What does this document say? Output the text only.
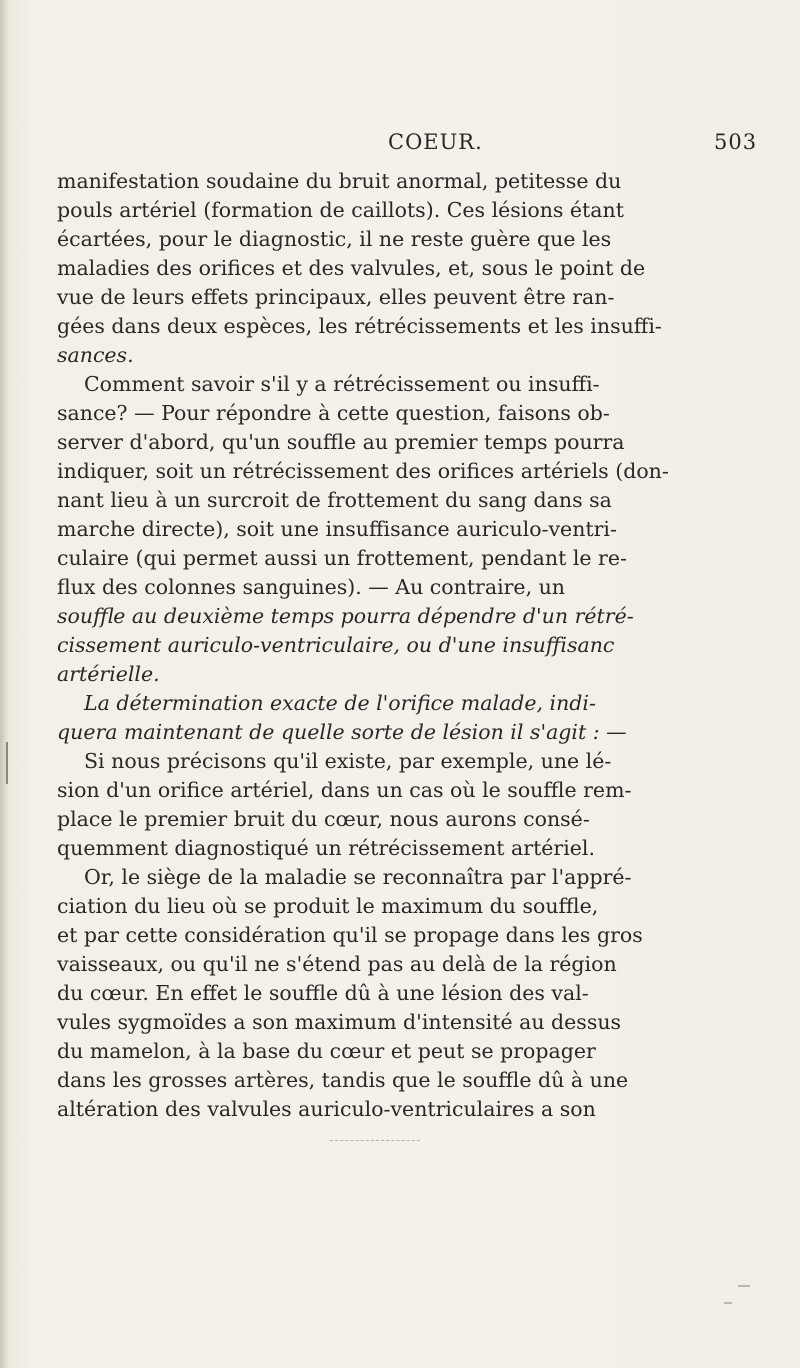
COEUR.	503
manifestation soudaine du bruit anormal, petitesse du
pouls artériel (formation de caillots). Ces lésions étant
écartées, pour le diagnostic, il ne reste guère que les
maladies des orifices et des valvules, et, sous le point de
vue de leurs effets principaux, elles peuvent être ran-
gées dans deux espèces, les rétrécissements et les insuffi-
sances.
Comment savoir s'il y a rétrécissement ou insuffi-
sance? — Pour répondre à cette question, faisons ob-
server d'abord, qu'un souffle au premier temps pourra
indiquer, soit un rétrécissement des orifices artériels (don-
nant lieu à un surcroit de frottement du sang dans sa
marche directe), soit une insuffisance auriculo-ventri-
culaire (qui permet aussi un frottement, pendant le re-
flux des colonnes sanguines). — Au contraire, un
souffle au deuxième temps pourra dépendre d'un rétré-
cissement auriculo-ventriculaire, ou d'une insuffisanc
artérielle.
La détermination exacte de l'orifice malade, indi-
quera maintenant de quelle sorte de lésion il s'agit : —
Si nous précisons qu'il existe, par exemple, une lé-
sion d'un orifice artériel, dans un cas où le souffle rem-
place le premier bruit du cœur, nous aurons consé-
quemment diagnostiqué un rétrécissement artériel.
Or, le siège de la maladie se reconnaîtra par l'appré-
ciation du lieu où se produit le maximum du souffle,
et par cette considération qu'il se propage dans les gros
vaisseaux, ou qu'il ne s'étend pas au delà de la région
du cœur. En effet le souffle dû à une lésion des val-
vules sygmoïdes a son maximum d'intensité au dessus
du mamelon, à la base du cœur et peut se propager
dans les grosses artères, tandis que le souffle dû à une
altération des valvules auriculo-ventriculaires a son
